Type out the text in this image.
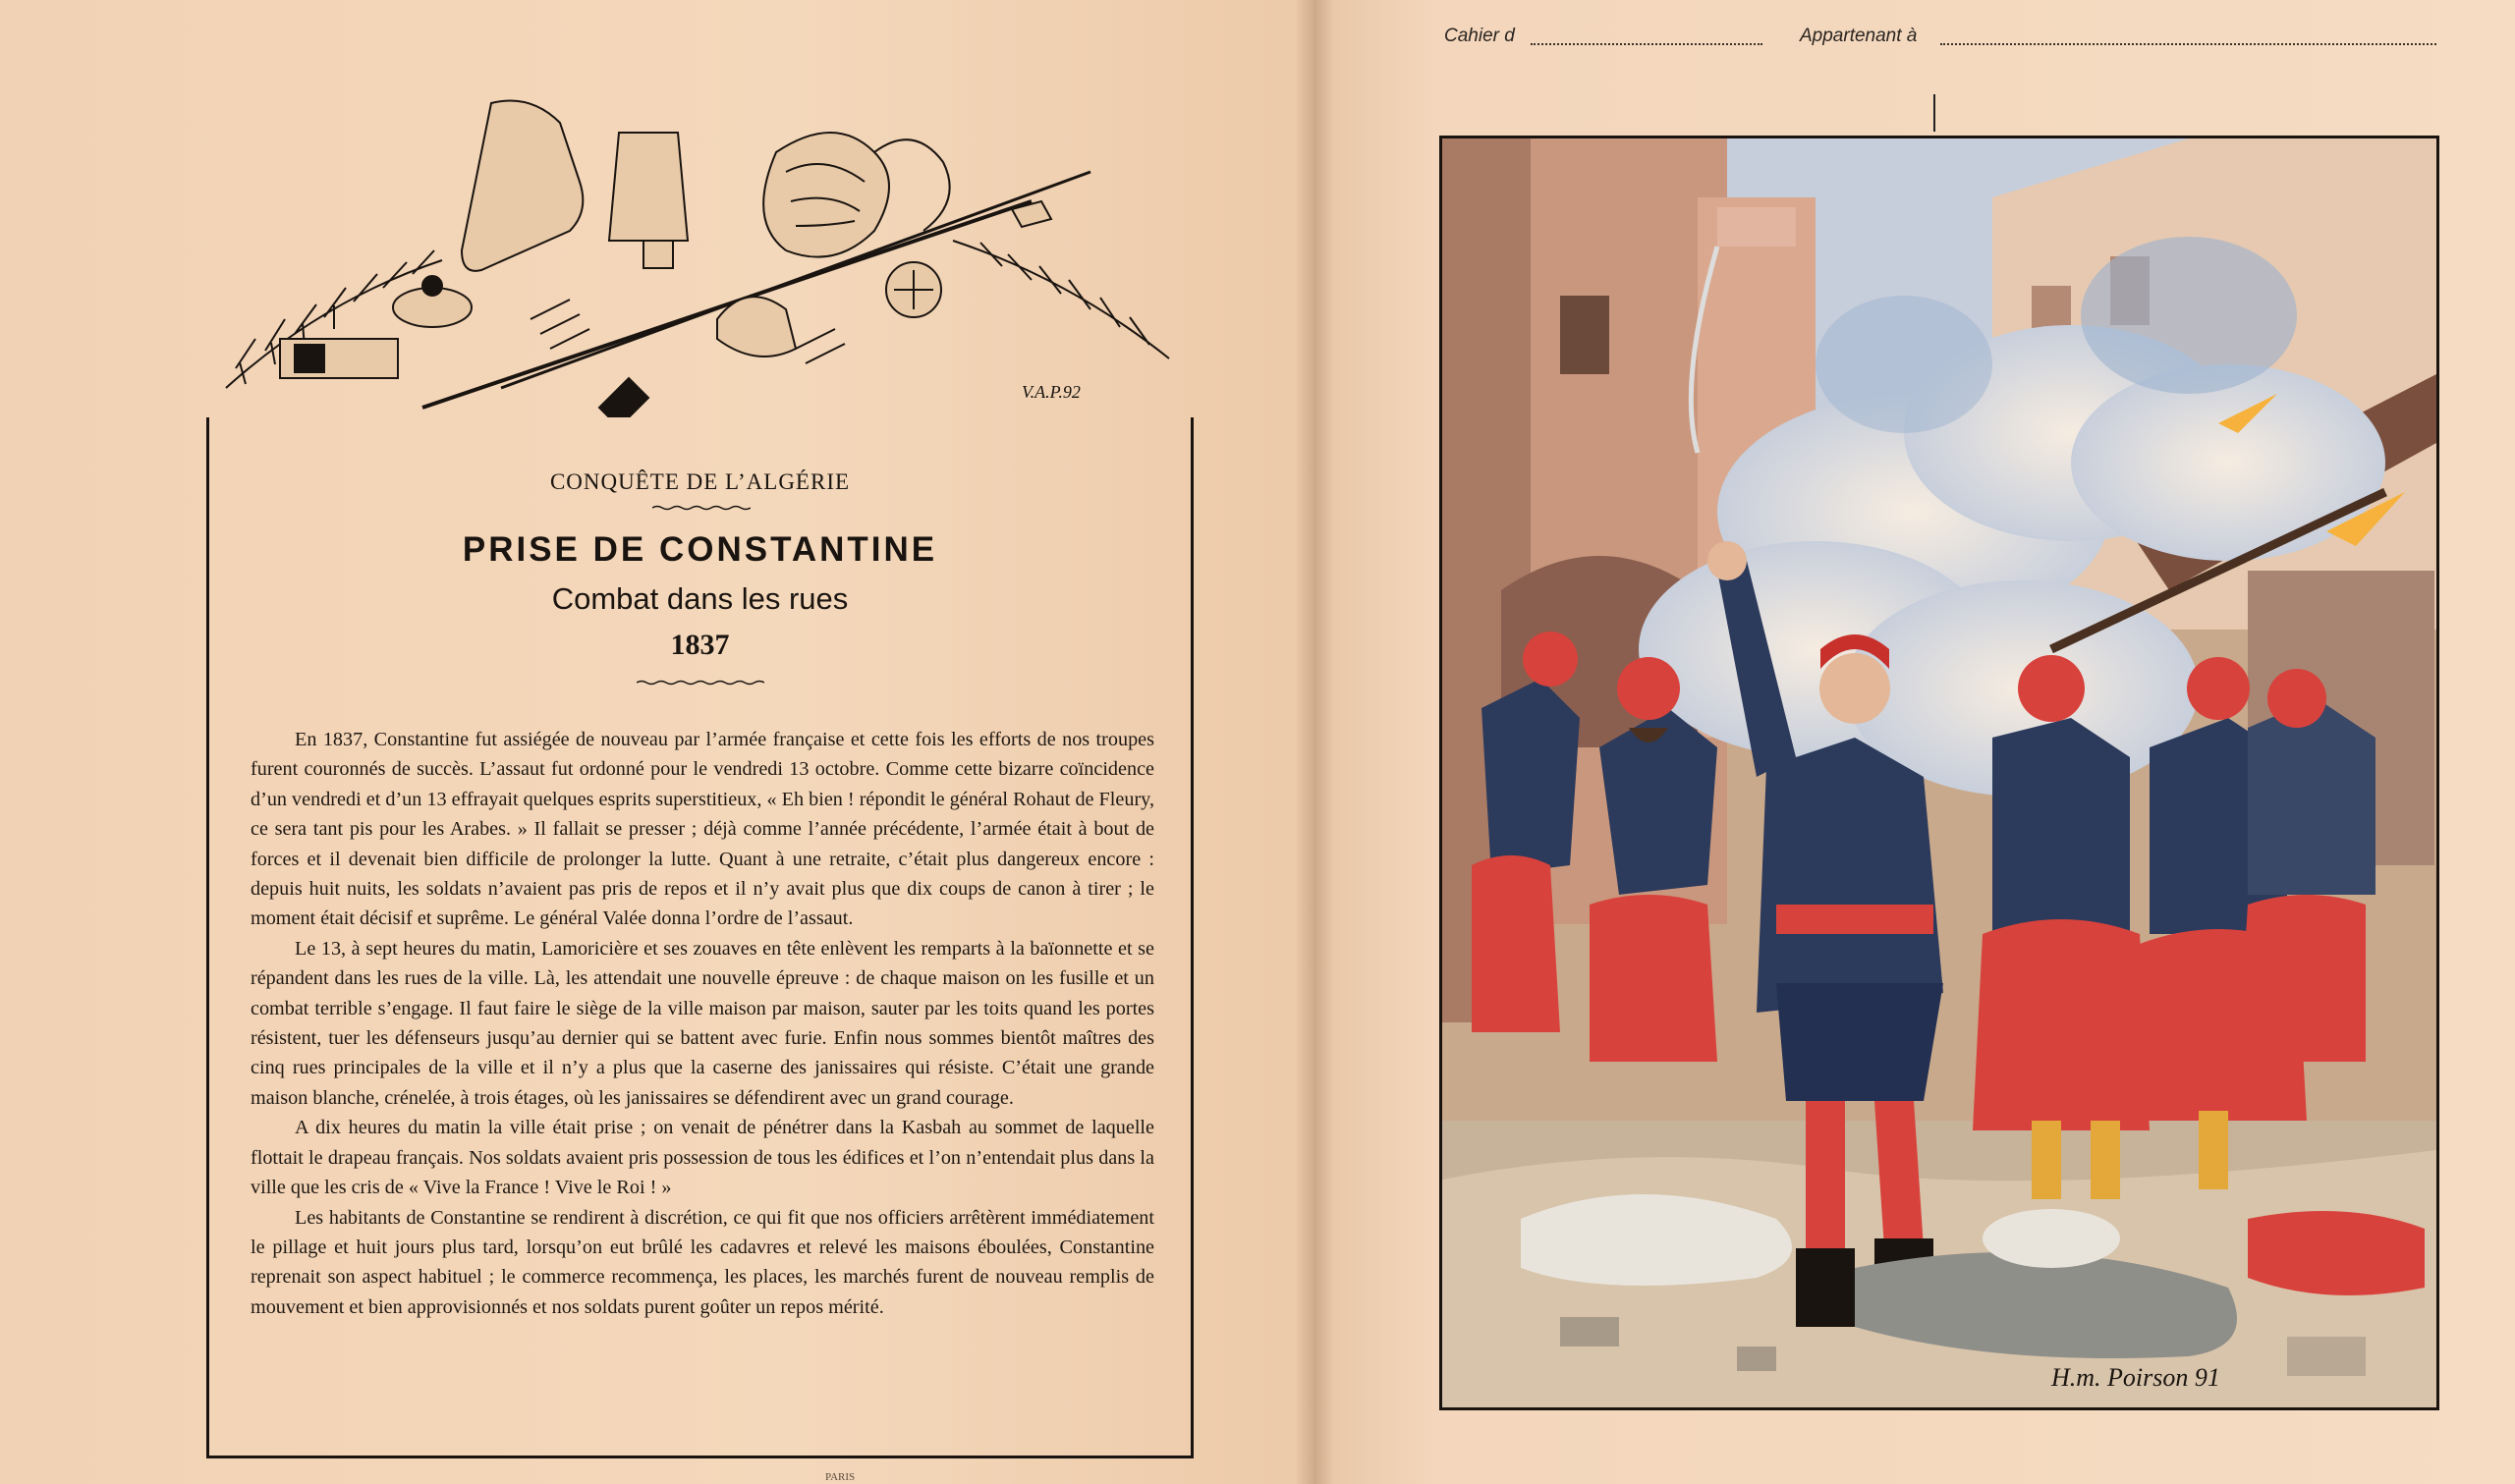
V.A.P.92
CONQUÊTE DE L’ALGÉRIE
PRISE DE CONSTANTINE
Combat dans les rues
1837

En 1837, Constantine fut assiégée de nouveau par l’armée française et cette fois les efforts de nos troupes furent couronnés de succès. L’assaut fut ordonné pour le vendredi 13 octobre. Comme cette bizarre coïncidence d’un vendredi et d’un 13 effrayait quelques esprits superstitieux, « Eh bien ! répondit le général Rohaut de Fleury, ce sera tant pis pour les Arabes. » Il fallait se presser ; déjà comme l’année précédente, l’armée était à bout de forces et il devenait bien difficile de prolonger la lutte. Quant à une retraite, c’était plus dangereux encore : depuis huit nuits, les soldats n’avaient pas pris de repos et il n’y avait plus que dix coups de canon à tirer ; le moment était décisif et suprême. Le général Valée donna l’ordre de l’assaut.

Le 13, à sept heures du matin, Lamoricière et ses zouaves en tête enlèvent les remparts à la baïonnette et se répandent dans les rues de la ville. Là, les attendait une nouvelle épreuve : de chaque maison on les fusille et un combat terrible s’engage. Il faut faire le siège de la ville maison par maison, sauter par les toits quand les portes résistent, tuer les défenseurs jusqu’au dernier qui se battent avec furie. Enfin nous sommes bientôt maîtres des cinq rues principales de la ville et il n’y a plus que la caserne des janissaires qui résiste. C’était une grande maison blanche, crénelée, à trois étages, où les janissaires se défendirent avec un grand courage.

A dix heures du matin la ville était prise ; on venait de pénétrer dans la Kasbah au sommet de laquelle flottait le drapeau français. Nos soldats avaient pris possession de tous les édifices et l’on n’entendait plus dans la ville que les cris de « Vive la France ! Vive le Roi ! »

Les habitants de Constantine se rendirent à discrétion, ce qui fit que nos officiers arrêtèrent immédiatement le pillage et huit jours plus tard, lorsqu’on eut brûlé les cadavres et relevé les maisons éboulées, Constantine reprenait son aspect habituel ; le commerce recommença, les places, les marchés furent de nouveau remplis de mouvement et bien approvisionnés et nos soldats purent goûter un repos mérité.

PARIS
Cahier d	Appartenant à
H.m. Poirson 91
